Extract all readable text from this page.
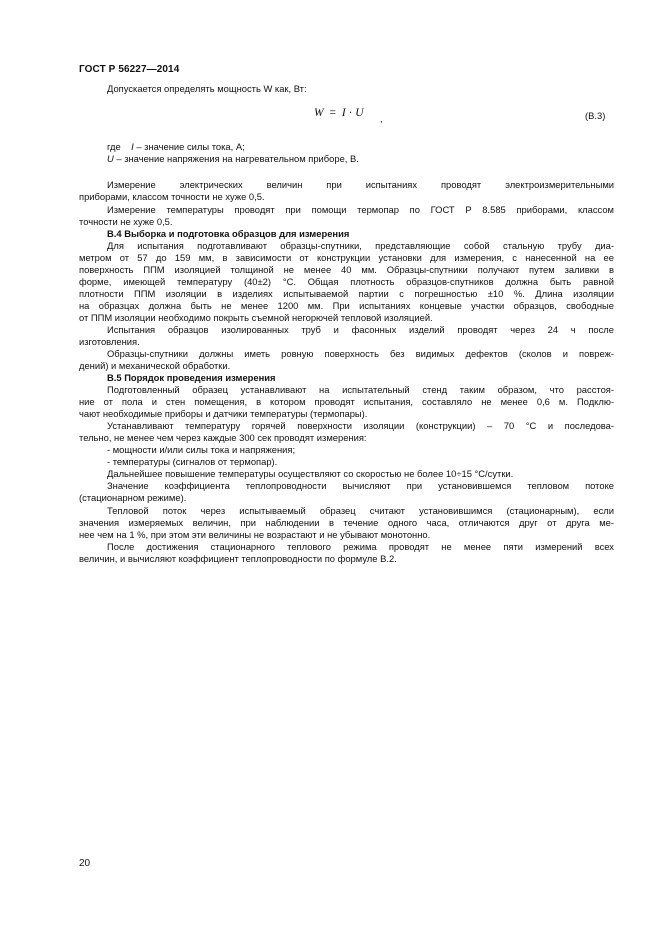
ГОСТ Р 56227—2014
Допускается определять мощность W как, Вт:
W = I · U ,	(В.3)
где I – значение силы тока, А;
U – значение напряжения на нагревательном приборе, В.
Измерение электрических величин при испытаниях проводят электроизмерительными
приборами, классом точности не хуже 0,5.
Измерение температуры проводят при помощи термопар по ГОСТ Р 8.585 приборами, классом
точности не хуже 0,5.
В.4 Выборка и подготовка образцов для измерения
Для испытания подготавливают образцы-спутники, представляющие собой стальную трубу диа-
метром от 57 до 159 мм, в зависимости от конструкции установки для измерения, с нанесенной на ее
поверхность ППМ изоляцией толщиной не менее 40 мм. Образцы-спутники получают путем заливки в
форме, имеющей температуру (40±2) °С. Общая плотность образцов-спутников должна быть равной
плотности ППМ изоляции в изделиях испытываемой партии с погрешностью ±10 %. Длина изоляции
на образцах должна быть не менее 1200 мм. При испытаниях концевые участки образцов, свободные
от ППМ изоляции необходимо покрыть съемной негорючей тепловой изоляцией.
Испытания образцов изолированных труб и фасонных изделий проводят через 24 ч после
изготовления.
Образцы-спутники должны иметь ровную поверхность без видимых дефектов (сколов и повреж-
дений) и механической обработки.
В.5 Порядок проведения измерения
Подготовленный образец устанавливают на испытательный стенд таким образом, что расстоя-
ние от пола и стен помещения, в котором проводят испытания, составляло не менее 0,6 м. Подклю-
чают необходимые приборы и датчики температуры (термопары).
Устанавливают температуру горячей поверхности изоляции (конструкции) – 70 °С и последова-
тельно, не менее чем через каждые 300 сек проводят измерения:
- мощности и/или силы тока и напряжения;
- температуры (сигналов от термопар).
Дальнейшее повышение температуры осуществляют со скоростью не более 10÷15 °С/сутки.
Значение коэффициента теплопроводности вычисляют при установившемся тепловом потоке
(стационарном режиме).
Тепловой поток через испытываемый образец считают установившимся (стационарным), если
значения измеряемых величин, при наблюдении в течение одного часа, отличаются друг от друга ме-
нее чем на 1 %, при этом эти величины не возрастают и не убывают монотонно.
После достижения стационарного теплового режима проводят не менее пяти измерений всех
величин, и вычисляют коэффициент теплопроводности по формуле В.2.
20
